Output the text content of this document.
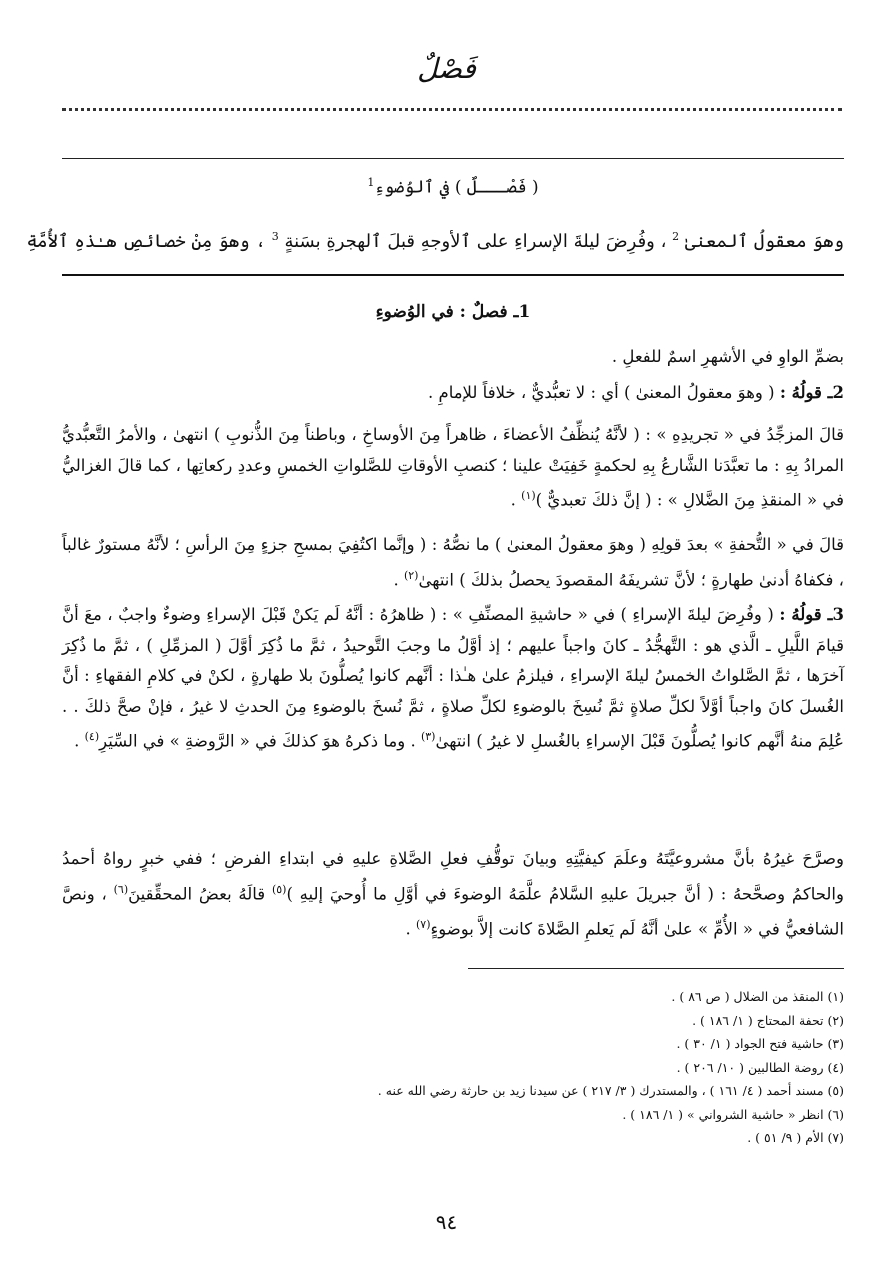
فَصْلٌ
( فَصْـــلٌ ) في ٱلوُضوءِ$^1$
وهوَ معقولُ ٱلمعنىٰ $^2$ ، وفُرِضَ ليلةَ الإسراءِ على ٱلأوجهِ قبلَ ٱلهجرةِ بسَنةٍ $^3$ ، وهوَ مِنْ خصائصِ هـٰذهِ ٱلأُمَّةِ
1ـ فصلٌ : في الوُضوءِ
بضمِّ الواوِ في الأشهرِ اسمٌ للفعلِ .
2ـ قولُهُ : ( وهوَ معقولُ المعنىٰ ) أي : لا تعبُّديٌّ ، خلافاً للإمامِ .
قالَ المزجِّدُ في « تجريدِهِ » : ( لأنَّهُ يُنظِّفُ الأعضاءَ ، ظاهراً مِنَ الأوساخِ ، وباطناً مِنَ الذُّنوبِ ) انتهىٰ ، والأمرُ التَّعبُّديُّ المرادُ بِهِ : ما تعبَّدَنا الشَّارعُ بِهِ لحكمةٍ خَفِيَتْ علينا ؛ كنصبِ الأوقاتِ للصَّلواتِ الخمسِ وعددِ ركعاتِها ، كما قالَ الغزاليُّ في « المنقذِ مِنَ الضَّلالِ » : ( إنَّ ذلكَ تعبديٌّ )$^{(١)}$ .
قالَ في « التُّحفةِ » بعدَ قولِهِ ( وهوَ معقولُ المعنىٰ ) ما نصُّهُ : ( وإنَّما اكتُفِيَ بمسحِ جزءٍ مِنَ الرأسِ ؛ لأنَّهُ مستورٌ غالباً ، فكفاهُ أدنىٰ طهارةٍ ؛ لأنَّ تشريفَهُ المقصودَ يحصلُ بذلكَ ) انتهىٰ$^{(٢)}$ .
3ـ قولُهُ : ( وفُرِضَ ليلةَ الإسراءِ ) في « حاشيةِ المصنِّفِ » : ( ظاهرُهُ : أنَّهُ لَم يَكنْ قَبْلَ الإسراءِ وضوءٌ واجبٌ ، معَ أنَّ قيامَ اللَّيلِ ـ الَّذي هو : التَّهجُّدُ ـ كانَ واجباً عليهم ؛ إذ أوَّلُ ما وجبَ التَّوحيدُ ، ثمَّ ما ذُكِرَ أوَّلَ ( المزمِّلِ ) ، ثمَّ ما ذُكِرَ آخرَها ، ثمَّ الصَّلواتُ الخمسُ ليلةَ الإسراءِ ، فيلزمُ علىٰ هـٰذا : أنَّهم كانوا يُصلُّونَ بلا طهارةٍ ، لكنْ في كلامِ الفقهاءِ : أنَّ الغُسلَ كانَ واجباً أوَّلاً لكلِّ صلاةٍ ثمَّ نُسِخَ بالوضوءِ لكلِّ صلاةٍ ، ثمَّ نُسخَ بالوضوءِ مِنَ الحدثِ لا غيرُ ، فإنْ صحَّ ذلكَ . . عُلِمَ منهُ أنَّهم كانوا يُصلُّونَ قَبْلَ الإسراءِ بالغُسلِ لا غيرُ ) انتهىٰ$^{(٣)}$ . وما ذكرهُ هوَ كذلكَ في « الرَّوضةِ » في السِّيَرِ$^{(٤)}$ .
وصرَّحَ غيرُهُ بأنَّ مشروعيَّتَهُ وعلَمَ كيفيَّتِهِ وبيانَ توقُّفِ فعلِ الصَّلاةِ عليهِ في ابتداءِ الفرضِ ؛ ففي خبرٍ رواهُ أحمدُ والحاكمُ وصحَّحهُ : ( أنَّ جبريلَ عليهِ السَّلامُ علَّمَهُ الوضوءَ في أوَّلِ ما أُوحيَ إليهِ )$^{(٥)}$ قالَهُ بعضُ المحقِّقينَ$^{(٦)}$ ، ونصَّ الشافعيُّ في « الأُمِّ » علىٰ أنَّهُ لَم يَعلمِ الصَّلاةَ كانت إلاَّ بوضوءٍ$^{(٧)}$ .
(١) المنقذ من الضلال ( ص ٨٦ ) .
(٢) تحفة المحتاج ( ١/ ١٨٦ ) .
(٣) حاشية فتح الجواد ( ١/ ٣٠ ) .
(٤) روضة الطالبين ( ١٠/ ٢٠٦ ) .
(٥) مسند أحمد ( ٤/ ١٦١ ) ، والمستدرك ( ٣/ ٢١٧ ) عن سيدنا زيد بن حارثة رضي الله عنه .
(٦) انظر « حاشية الشرواني » ( ١/ ١٨٦ ) .
(٧) الأم ( ٩/ ٥١ ) .
٩٤
